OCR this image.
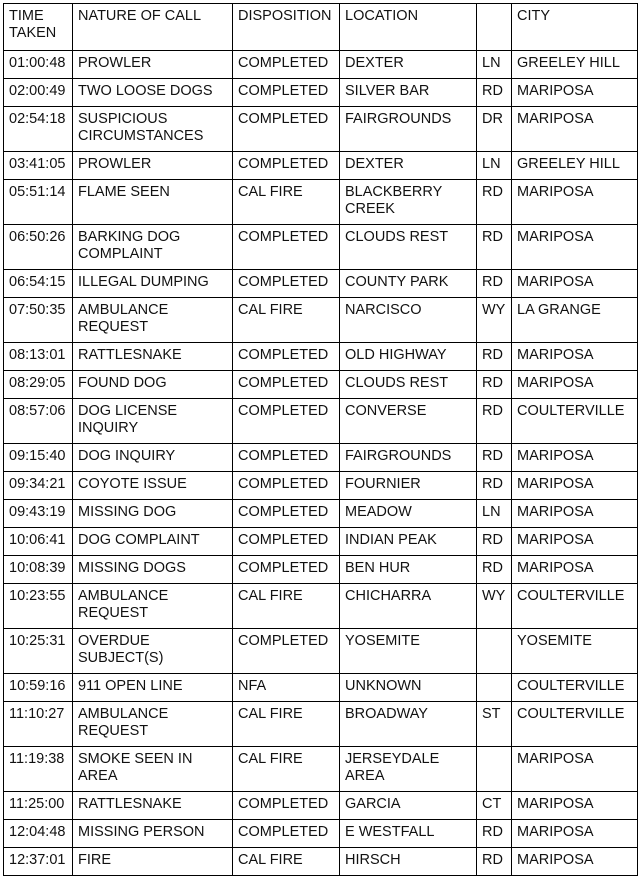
TIME TAKEN	NATURE OF CALL	DISPOSITION	LOCATION		CITY
01:00:48	PROWLER	COMPLETED	DEXTER	LN	GREELEY HILL
02:00:49	TWO LOOSE DOGS	COMPLETED	SILVER BAR	RD	MARIPOSA
02:54:18	SUSPICIOUS CIRCUMSTANCES	COMPLETED	FAIRGROUNDS	DR	MARIPOSA
03:41:05	PROWLER	COMPLETED	DEXTER	LN	GREELEY HILL
05:51:14	FLAME SEEN	CAL FIRE	BLACKBERRY CREEK	RD	MARIPOSA
06:50:26	BARKING DOG COMPLAINT	COMPLETED	CLOUDS REST	RD	MARIPOSA
06:54:15	ILLEGAL DUMPING	COMPLETED	COUNTY PARK	RD	MARIPOSA
07:50:35	AMBULANCE REQUEST	CAL FIRE	NARCISCO	WY	LA GRANGE
08:13:01	RATTLESNAKE	COMPLETED	OLD HIGHWAY	RD	MARIPOSA
08:29:05	FOUND DOG	COMPLETED	CLOUDS REST	RD	MARIPOSA
08:57:06	DOG LICENSE INQUIRY	COMPLETED	CONVERSE	RD	COULTERVILLE
09:15:40	DOG INQUIRY	COMPLETED	FAIRGROUNDS	RD	MARIPOSA
09:34:21	COYOTE ISSUE	COMPLETED	FOURNIER	RD	MARIPOSA
09:43:19	MISSING DOG	COMPLETED	MEADOW	LN	MARIPOSA
10:06:41	DOG COMPLAINT	COMPLETED	INDIAN PEAK	RD	MARIPOSA
10:08:39	MISSING DOGS	COMPLETED	BEN HUR	RD	MARIPOSA
10:23:55	AMBULANCE REQUEST	CAL FIRE	CHICHARRA	WY	COULTERVILLE
10:25:31	OVERDUE SUBJECT(S)	COMPLETED	YOSEMITE		YOSEMITE
10:59:16	911 OPEN LINE	NFA	UNKNOWN		COULTERVILLE
11:10:27	AMBULANCE REQUEST	CAL FIRE	BROADWAY	ST	COULTERVILLE
11:19:38	SMOKE SEEN IN AREA	CAL FIRE	JERSEYDALE AREA		MARIPOSA
11:25:00	RATTLESNAKE	COMPLETED	GARCIA	CT	MARIPOSA
12:04:48	MISSING PERSON	COMPLETED	E WESTFALL	RD	MARIPOSA
12:37:01	FIRE	CAL FIRE	HIRSCH	RD	MARIPOSA
